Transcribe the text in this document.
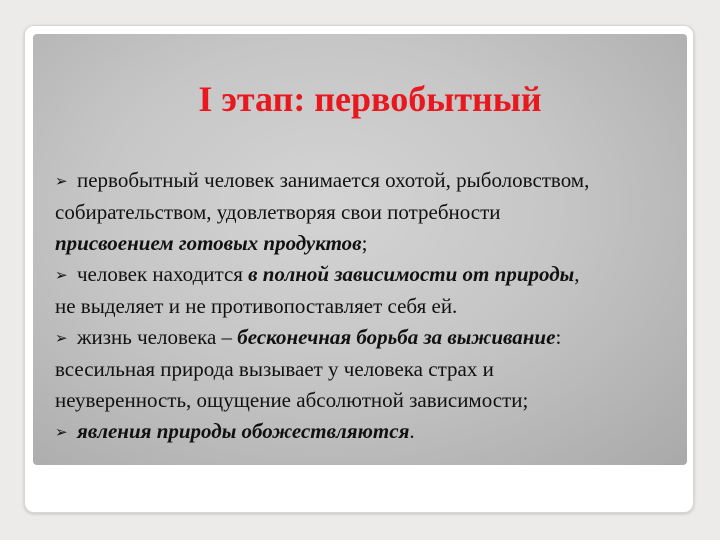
I этап: первобытный
➢ первобытный человек занимается охотой, рыболовством,
собирательством, удовлетворяя свои потребности
присвоением готовых продуктов;
➢ человек находится в полной зависимости от природы,
не выделяет и не противопоставляет себя ей.
➢ жизнь человека – бесконечная борьба за выживание:
всесильная природа вызывает у человека страх и
неуверенность, ощущение абсолютной зависимости;
➢ явления природы обожествляются.
